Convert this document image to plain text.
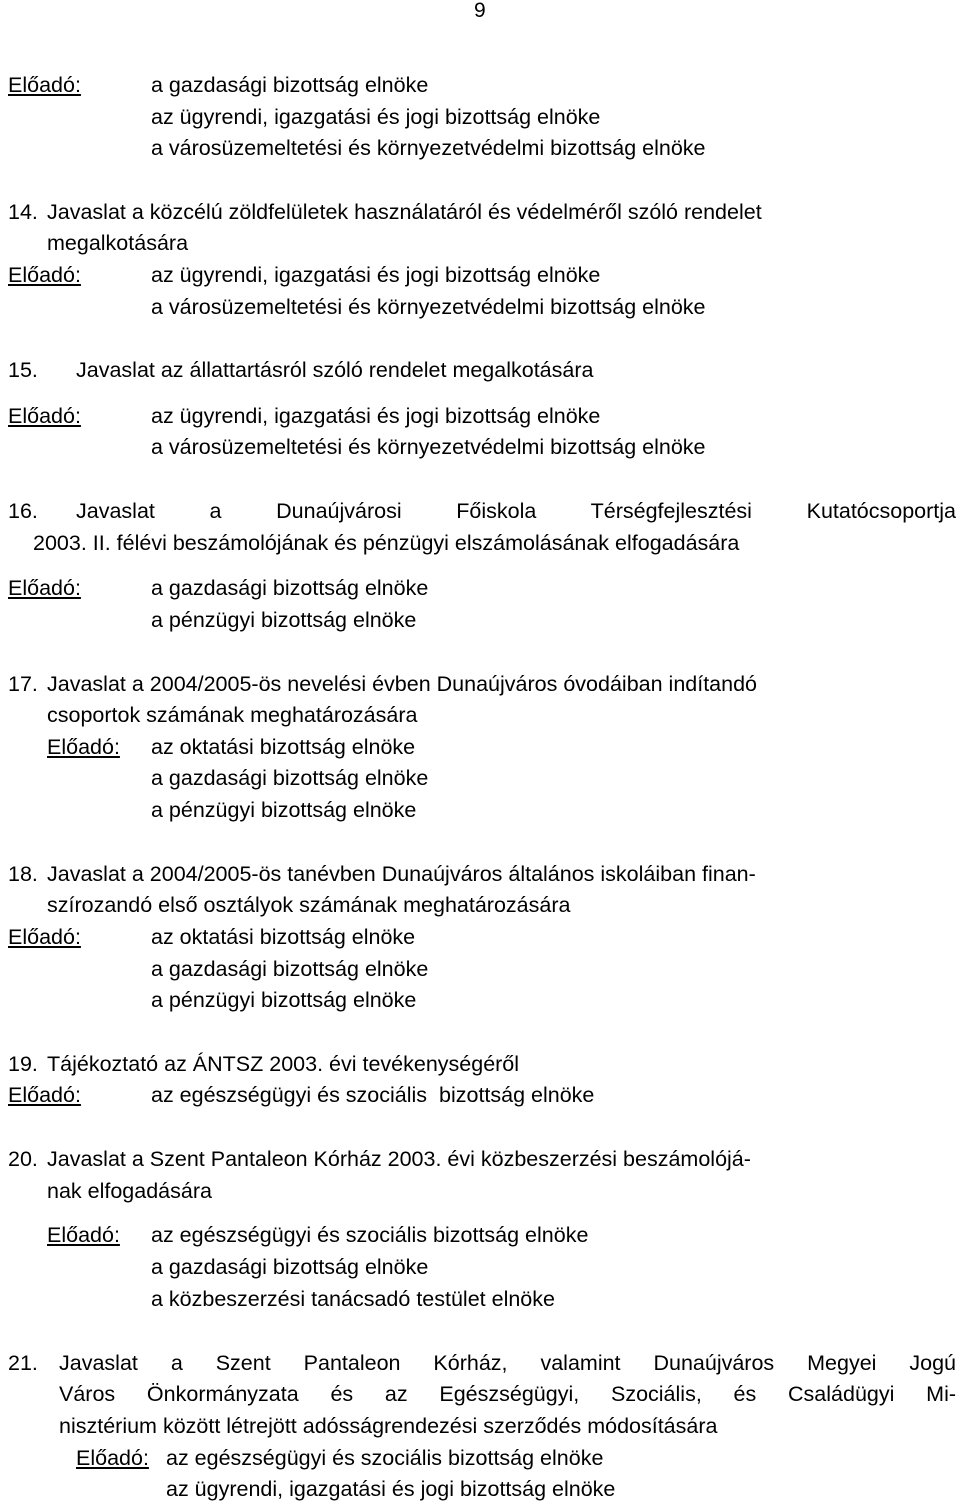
9
Előadó:	a gazdasági bizottság elnöke
az ügyrendi, igazgatási és jogi bizottság elnöke
a városüzemeltetési és környezetvédelmi bizottság elnöke
14. Javaslat a közcélú zöldfelületek használatáról és védelméről szóló rendelet
megalkotására
Előadó:	az ügyrendi, igazgatási és jogi bizottság elnöke
a városüzemeltetési és környezetvédelmi bizottság elnöke
15. Javaslat az állattartásról szóló rendelet megalkotására
Előadó:	az ügyrendi, igazgatási és jogi bizottság elnöke
a városüzemeltetési és környezetvédelmi bizottság elnöke
16. Javaslat a Dunaújvárosi Főiskola Térségfejlesztési Kutatócsoportja
2003. II. félévi beszámolójának és pénzügyi elszámolásának elfogadására
Előadó:	a gazdasági bizottság elnöke
a pénzügyi bizottság elnöke
17. Javaslat a 2004/2005-ös nevelési évben Dunaújváros óvodáiban indítandó
csoportok számának meghatározására
Előadó: az oktatási bizottság elnöke
a gazdasági bizottság elnöke
a pénzügyi bizottság elnöke
18. Javaslat a 2004/2005-ös tanévben Dunaújváros általános iskoláiban finan-
szírozandó első osztályok számának meghatározására
Előadó:	az oktatási bizottság elnöke
a gazdasági bizottság elnöke
a pénzügyi bizottság elnöke
19. Tájékoztató az ÁNTSZ 2003. évi tevékenységéről
Előadó:	az egészségügyi és szociális  bizottság elnöke
20. Javaslat a Szent Pantaleon Kórház 2003. évi közbeszerzési beszámolójá-
nak elfogadására
Előadó: az egészségügyi és szociális bizottság elnöke
a gazdasági bizottság elnöke
a közbeszerzési tanácsadó testület elnöke
21. Javaslat a Szent Pantaleon Kórház, valamint Dunaújváros Megyei Jogú
Város Önkormányzata és az Egészségügyi, Szociális, és Családügyi Mi-
nisztérium között létrejött adósságrendezési szerződés módosítására
Előadó: az egészségügyi és szociális bizottság elnöke
az ügyrendi, igazgatási és jogi bizottság elnöke
